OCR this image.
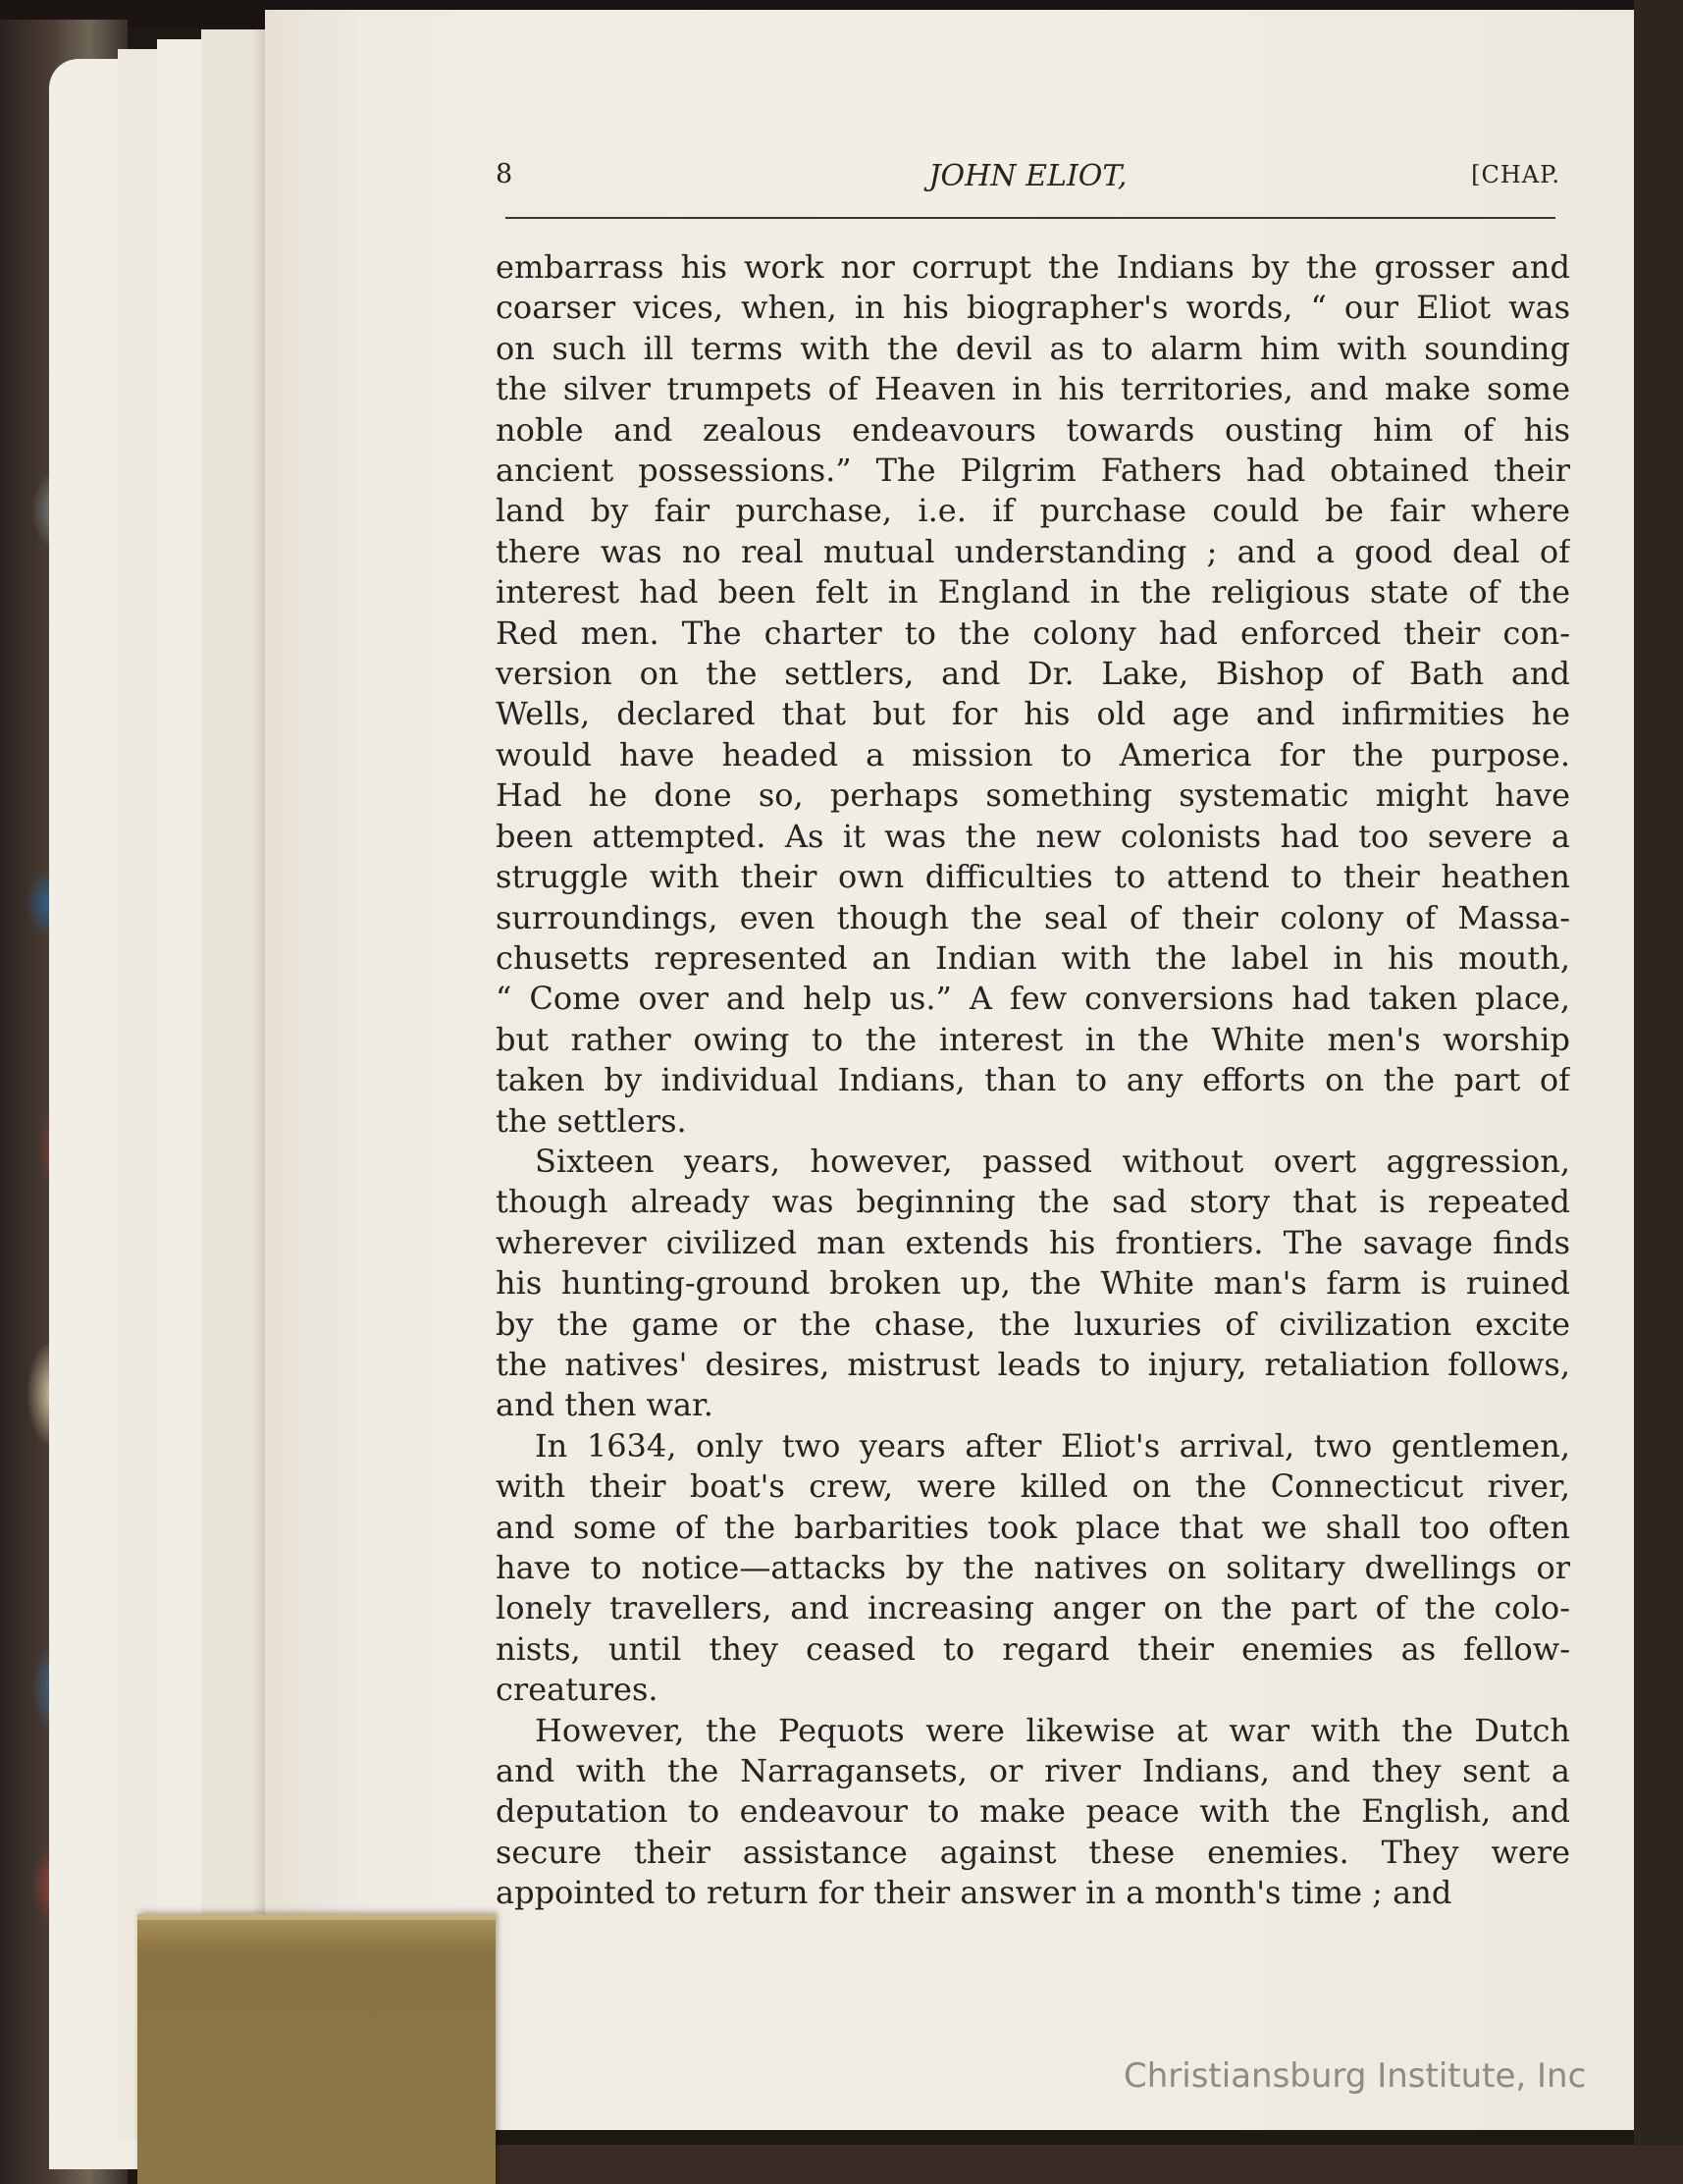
8	JOHN ELIOT,	[CHAP.
embarrass his work nor corrupt the Indians by the grosser and
coarser vices, when, in his biographer's words, “ our Eliot was
on such ill terms with the devil as to alarm him with sounding
the silver trumpets of Heaven in his territories, and make some
noble and zealous endeavours towards ousting him of his
ancient possessions.” The Pilgrim Fathers had obtained their
land by fair purchase, i.e. if purchase could be fair where
there was no real mutual understanding ; and a good deal of
interest had been felt in England in the religious state of the
Red men. The charter to the colony had enforced their con-
version on the settlers, and Dr. Lake, Bishop of Bath and
Wells, declared that but for his old age and infirmities he
would have headed a mission to America for the purpose.
Had he done so, perhaps something systematic might have
been attempted. As it was the new colonists had too severe a
struggle with their own difficulties to attend to their heathen
surroundings, even though the seal of their colony of Massa-
chusetts represented an Indian with the label in his mouth,
“ Come over and help us.” A few conversions had taken place,
but rather owing to the interest in the White men's worship
taken by individual Indians, than to any efforts on the part of
the settlers.
Sixteen years, however, passed without overt aggression,
though already was beginning the sad story that is repeated
wherever civilized man extends his frontiers. The savage finds
his hunting-ground broken up, the White man's farm is ruined
by the game or the chase, the luxuries of civilization excite
the natives' desires, mistrust leads to injury, retaliation follows,
and then war.
In 1634, only two years after Eliot's arrival, two gentlemen,
with their boat's crew, were killed on the Connecticut river,
and some of the barbarities took place that we shall too often
have to notice—attacks by the natives on solitary dwellings or
lonely travellers, and increasing anger on the part of the colo-
nists, until they ceased to regard their enemies as fellow-
creatures.
However, the Pequots were likewise at war with the Dutch
and with the Narragansets, or river Indians, and they sent a
deputation to endeavour to make peace with the English, and
secure their assistance against these enemies. They were
appointed to return for their answer in a month's time ; and
Christiansburg Institute, Inc
